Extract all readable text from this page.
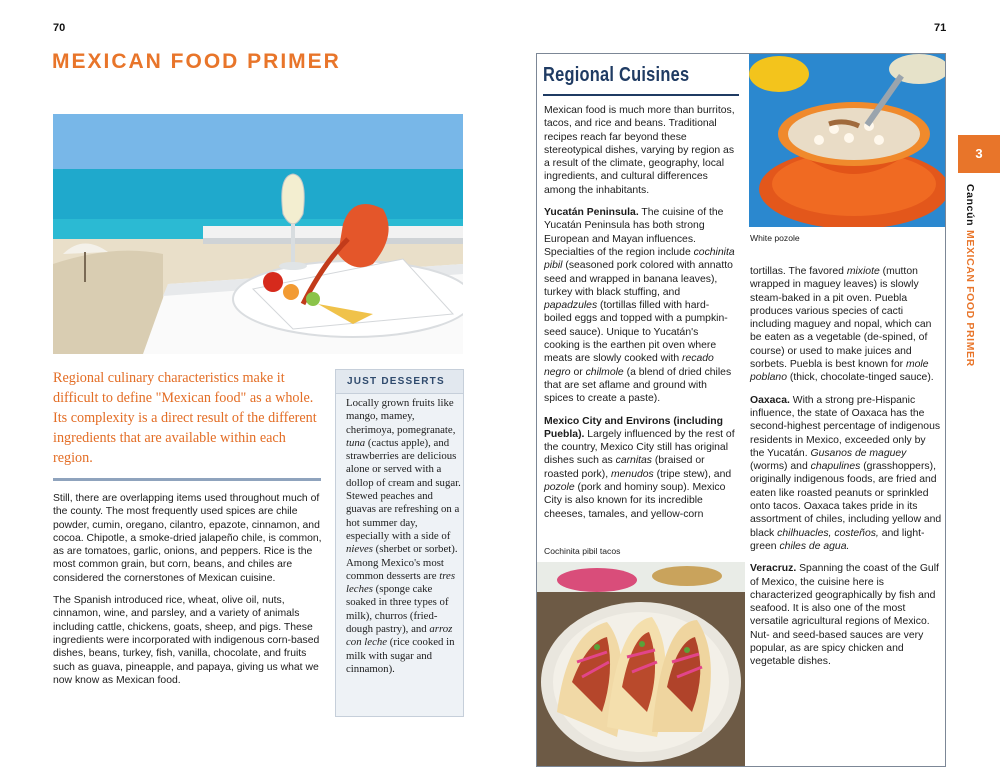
70	71
MEXICAN FOOD PRIMER
Regional culinary characteristics make it difficult to define "Mexican food" as a whole. Its complexity is a direct result of the different ingredients that are available within each region.

Still, there are overlapping items used throughout much of the county. The most frequently used spices are chile powder, cumin, oregano, cilantro, epazote, cinnamon, and cocoa. Chipotle, a smoke-dried jalapeño chile, is common, as are tomatoes, garlic, onions, and peppers. Rice is the most common grain, but corn, beans, and chiles are considered the cornerstones of Mexican cuisine.

The Spanish introduced rice, wheat, olive oil, nuts, cinnamon, wine, and parsley, and a variety of animals including cattle, chickens, goats, sheep, and pigs. These ingredients were incorporated with indigenous corn-based dishes, beans, turkey, fish, vanilla, chocolate, and fruits such as guava, pineapple, and papaya, giving us what we now know as Mexican food.

JUST DESSERTS
Locally grown fruits like mango, mamey, cherimoya, pomegranate, tuna (cactus apple), and strawberries are delicious alone or served with a dollop of cream and sugar. Stewed peaches and guavas are refreshing on a hot summer day, especially with a side of nieves (sherbet or sorbet). Among Mexico's most common desserts are tres leches (sponge cake soaked in three types of milk), churros (fried-dough pastry), and arroz con leche (rice cooked in milk with sugar and cinnamon).
Regional Cuisines

Mexican food is much more than burritos, tacos, and rice and beans. Traditional recipes reach far beyond these stereotypical dishes, varying by region as a result of the climate, geography, local ingredients, and cultural differences among the inhabitants.

Yucatán Peninsula. The cuisine of the Yucatán Peninsula has both strong European and Mayan influences. Specialties of the region include cochinita pibil (seasoned pork colored with annatto seed and wrapped in banana leaves), turkey with black stuffing, and papadzules (tortillas filled with hard-boiled eggs and topped with a pumpkin-seed sauce). Unique to Yucatán's cooking is the earthen pit oven where meats are slowly cooked with recado negro or chilmole (a blend of dried chiles that are set aflame and ground with spices to create a paste).

Mexico City and Environs (including Puebla). Largely influenced by the rest of the country, Mexico City still has original dishes such as carnitas (braised or roasted pork), menudos (tripe stew), and pozole (pork and hominy soup). Mexico City is also known for its incredible cheeses, tamales, and yellow-corn

Cochinita pibil tacos
White pozole

tortillas. The favored mixiote (mutton wrapped in maguey leaves) is slowly steam-baked in a pit oven. Puebla produces various species of cacti including maguey and nopal, which can be eaten as a vegetable (de-spined, of course) or used to make juices and sorbets. Puebla is best known for mole poblano (thick, chocolate-tinged sauce).

Oaxaca. With a strong pre-Hispanic influence, the state of Oaxaca has the second-highest percentage of indigenous residents in Mexico, exceeded only by the Yucatán. Gusanos de maguey (worms) and chapulines (grasshoppers), originally indigenous foods, are fried and eaten like roasted peanuts or sprinkled onto tacos. Oaxaca takes pride in its assortment of chiles, including yellow and black chilhuacles, costeños, and light-green chiles de agua.

Veracruz. Spanning the coast of the Gulf of Mexico, the cuisine here is characterized geographically by fish and seafood. It is also one of the most versatile agricultural regions of Mexico. Nut- and seed-based sauces are very popular, as are spicy chicken and vegetable dishes.

3
Cancún
MEXICAN FOOD PRIMER
